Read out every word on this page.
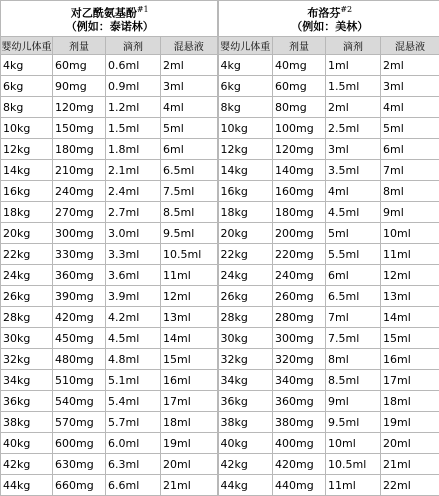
对乙酰氨基酚$^{\#1}$
（例如：泰诺林）				布洛芬$^{\#2}$
（例如：美林）			

婴幼儿体重	剂量	滴剂	混悬液	婴幼儿体重	剂量	滴剂	混悬液
4kg	60mg	0.6ml	2ml	4kg	40mg	1ml	2ml
6kg	90mg	0.9ml	3ml	6kg	60mg	1.5ml	3ml
8kg	120mg	1.2ml	4ml	8kg	80mg	2ml	4ml
10kg	150mg	1.5ml	5ml	10kg	100mg	2.5ml	5ml
12kg	180mg	1.8ml	6ml	12kg	120mg	3ml	6ml
14kg	210mg	2.1ml	6.5ml	14kg	140mg	3.5ml	7ml
16kg	240mg	2.4ml	7.5ml	16kg	160mg	4ml	8ml
18kg	270mg	2.7ml	8.5ml	18kg	180mg	4.5ml	9ml
20kg	300mg	3.0ml	9.5ml	20kg	200mg	5ml	10ml
22kg	330mg	3.3ml	10.5ml	22kg	220mg	5.5ml	11ml
24kg	360mg	3.6ml	11ml	24kg	240mg	6ml	12ml
26kg	390mg	3.9ml	12ml	26kg	260mg	6.5ml	13ml
28kg	420mg	4.2ml	13ml	28kg	280mg	7ml	14ml
30kg	450mg	4.5ml	14ml	30kg	300mg	7.5ml	15ml
32kg	480mg	4.8ml	15ml	32kg	320mg	8ml	16ml
34kg	510mg	5.1ml	16ml	34kg	340mg	8.5ml	17ml
36kg	540mg	5.4ml	17ml	36kg	360mg	9ml	18ml
38kg	570mg	5.7ml	18ml	38kg	380mg	9.5ml	19ml
40kg	600mg	6.0ml	19ml	40kg	400mg	10ml	20ml
42kg	630mg	6.3ml	20ml	42kg	420mg	10.5ml	21ml
44kg	660mg	6.6ml	21ml	44kg	440mg	11ml	22ml
